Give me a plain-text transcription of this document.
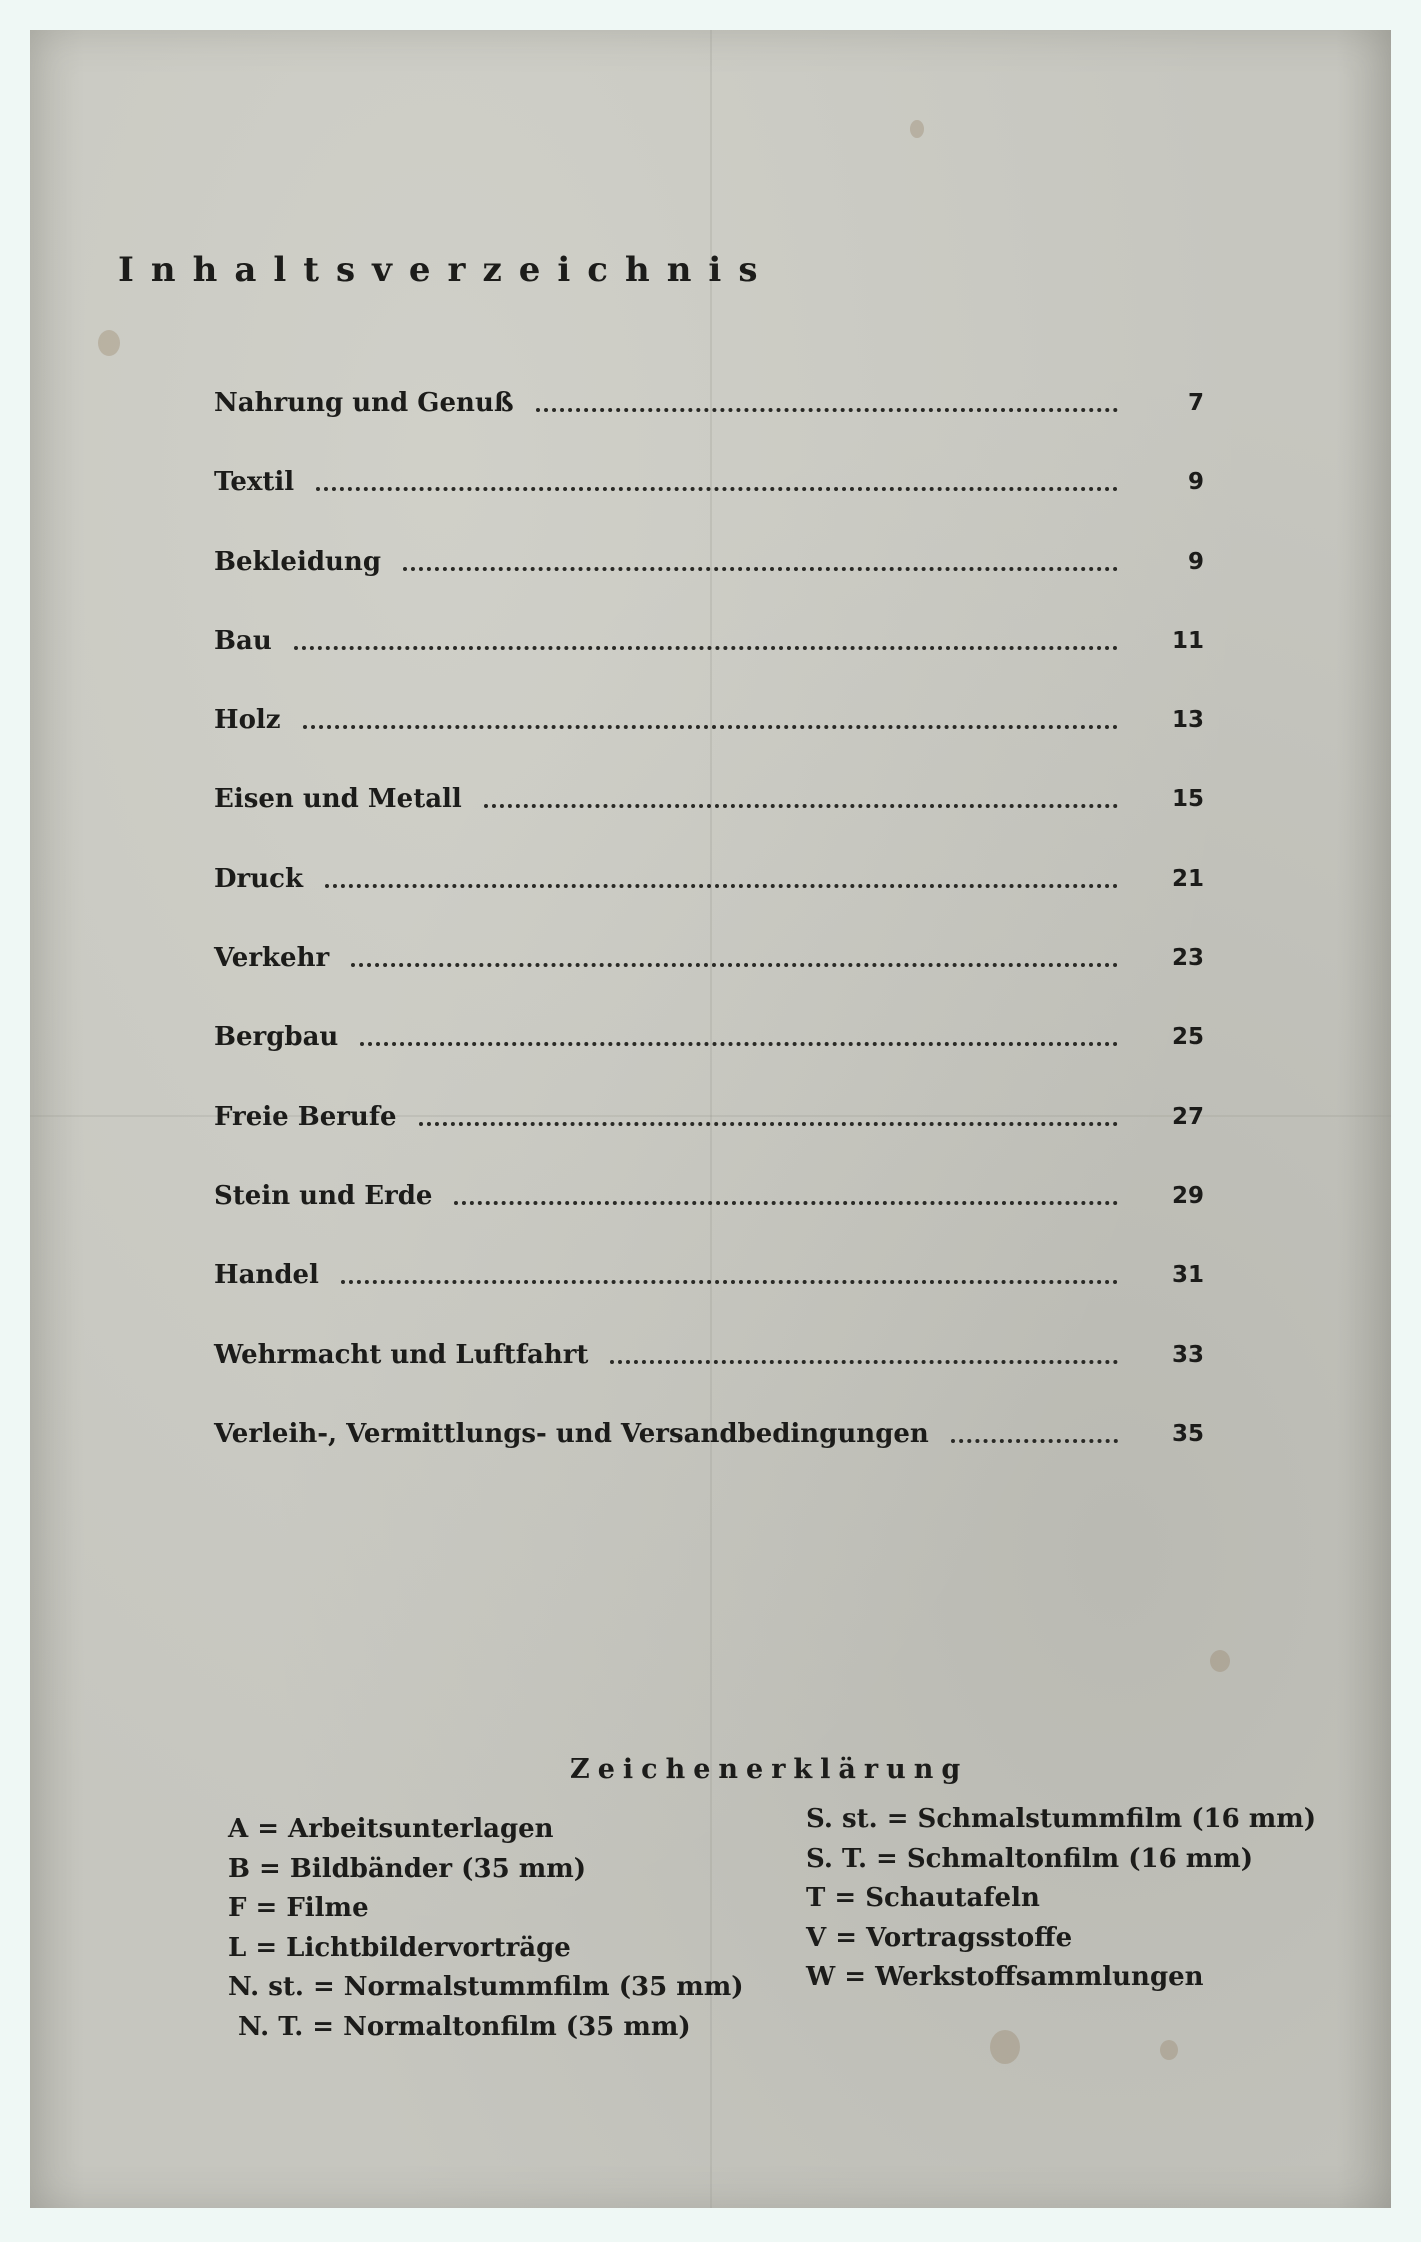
Inhaltsverzeichnis
Nahrung und Genuß	7
Textil	9
Bekleidung	9
Bau	11
Holz	13
Eisen und Metall	15
Druck	21
Verkehr	23
Bergbau	25
Freie Berufe	27
Stein und Erde	29
Handel	31
Wehrmacht und Luftfahrt	33
Verleih-, Vermittlungs- und Versandbedingungen	35
Zeichenerklärung
A = Arbeitsunterlagen
B = Bildbänder (35 mm)
F = Filme
L = Lichtbildervorträge
N. st. = Normalstummfilm (35 mm)
N. T. = Normaltonfilm (35 mm)
S. st. = Schmalstummfilm (16 mm)
S. T. = Schmaltonfilm (16 mm)
T = Schautafeln
V = Vortragsstoffe
W = Werkstoffsammlungen
